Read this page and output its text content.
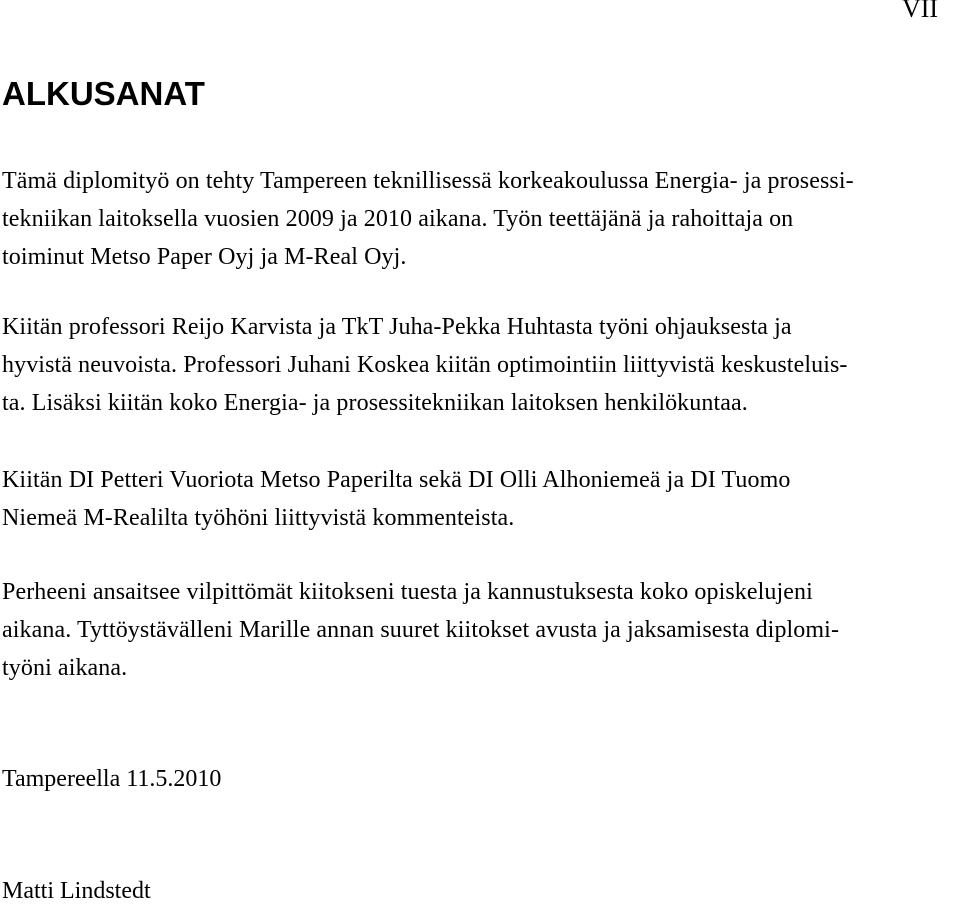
VII
ALKUSANAT
Tämä diplomityö on tehty Tampereen teknillisessä korkeakoulussa Energia- ja prosessi-
tekniikan laitoksella vuosien 2009 ja 2010 aikana. Työn teettäjänä ja rahoittaja on
toiminut Metso Paper Oyj ja M-Real Oyj.
Kiitän professori Reijo Karvista ja TkT Juha-Pekka Huhtasta työni ohjauksesta ja
hyvistä neuvoista. Professori Juhani Koskea kiitän optimointiin liittyvistä keskusteluis-
ta. Lisäksi kiitän koko Energia- ja prosessitekniikan laitoksen henkilökuntaa.
Kiitän DI Petteri Vuoriota Metso Paperilta sekä DI Olli Alhoniemeä ja DI Tuomo
Niemeä M-Realilta työhöni liittyvistä kommenteista.
Perheeni ansaitsee vilpittömät kiitokseni tuesta ja kannustuksesta koko opiskelujeni
aikana. Tyttöystävälleni Marille annan suuret kiitokset avusta ja jaksamisesta diplomi-
työni aikana.
Tampereella 11.5.2010
Matti Lindstedt
